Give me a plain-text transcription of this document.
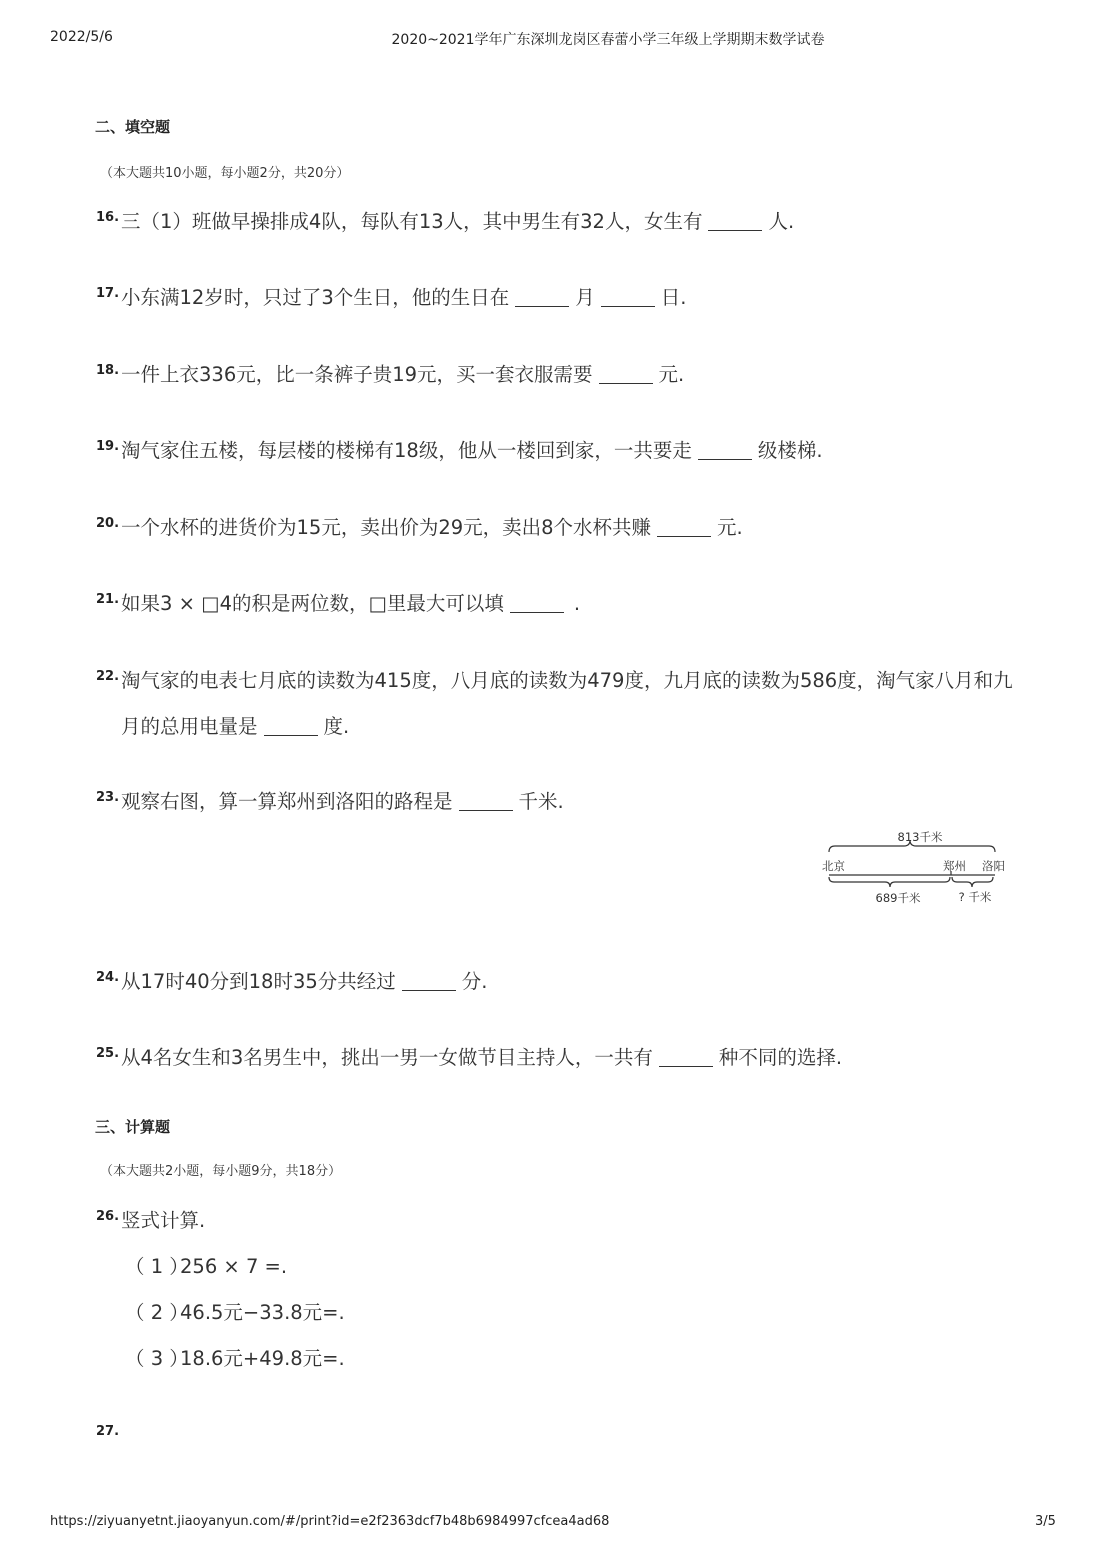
2022/5/6	2020~2021学年广东深圳龙岗区春蕾小学三年级上学期期末数学试卷
二、填空题
（本大题共10小题，每小题2分，共20分）
16. 三（1）班做早操排成4队，每队有13人，其中男生有32人，女生有	人.
17. 小东满12岁时，只过了3个生日，他的生日在	月	日.
18. 一件上衣336元，比一条裤子贵19元，买一套衣服需要	元.
19. 淘气家住五楼，每层楼的楼梯有18级，他从一楼回到家，一共要走	级楼梯.
20. 一个水杯的进货价为15元，卖出价为29元，卖出8个水杯共赚	元.
21. 如果3 × □4的积是两位数，□里最大可以填	.
22. 淘气家的电表七月底的读数为415度，八月底的读数为479度，九月底的读数为586度，淘气家八月和九
月的总用电量是	度.
23. 观察右图，算一算郑州到洛阳的路程是	千米.
813千米
北京	郑州 洛阳
689千米	? 千米
24. 从17时40分到18时35分共经过	分.
25. 从4名女生和3名男生中，挑出一男一女做节目主持人，一共有	种不同的选择.
三、计算题
（本大题共2小题，每小题9分，共18分）
26. 竖式计算.
（ 1 ）256 × 7 =.
（ 2 ）46.5元−33.8元=.
（ 3 ）18.6元+49.8元=.
27.
https://ziyuanyetnt.jiaoyanyun.com/#/print?id=e2f2363dcf7b48b6984997cfcea4ad68	3/5
